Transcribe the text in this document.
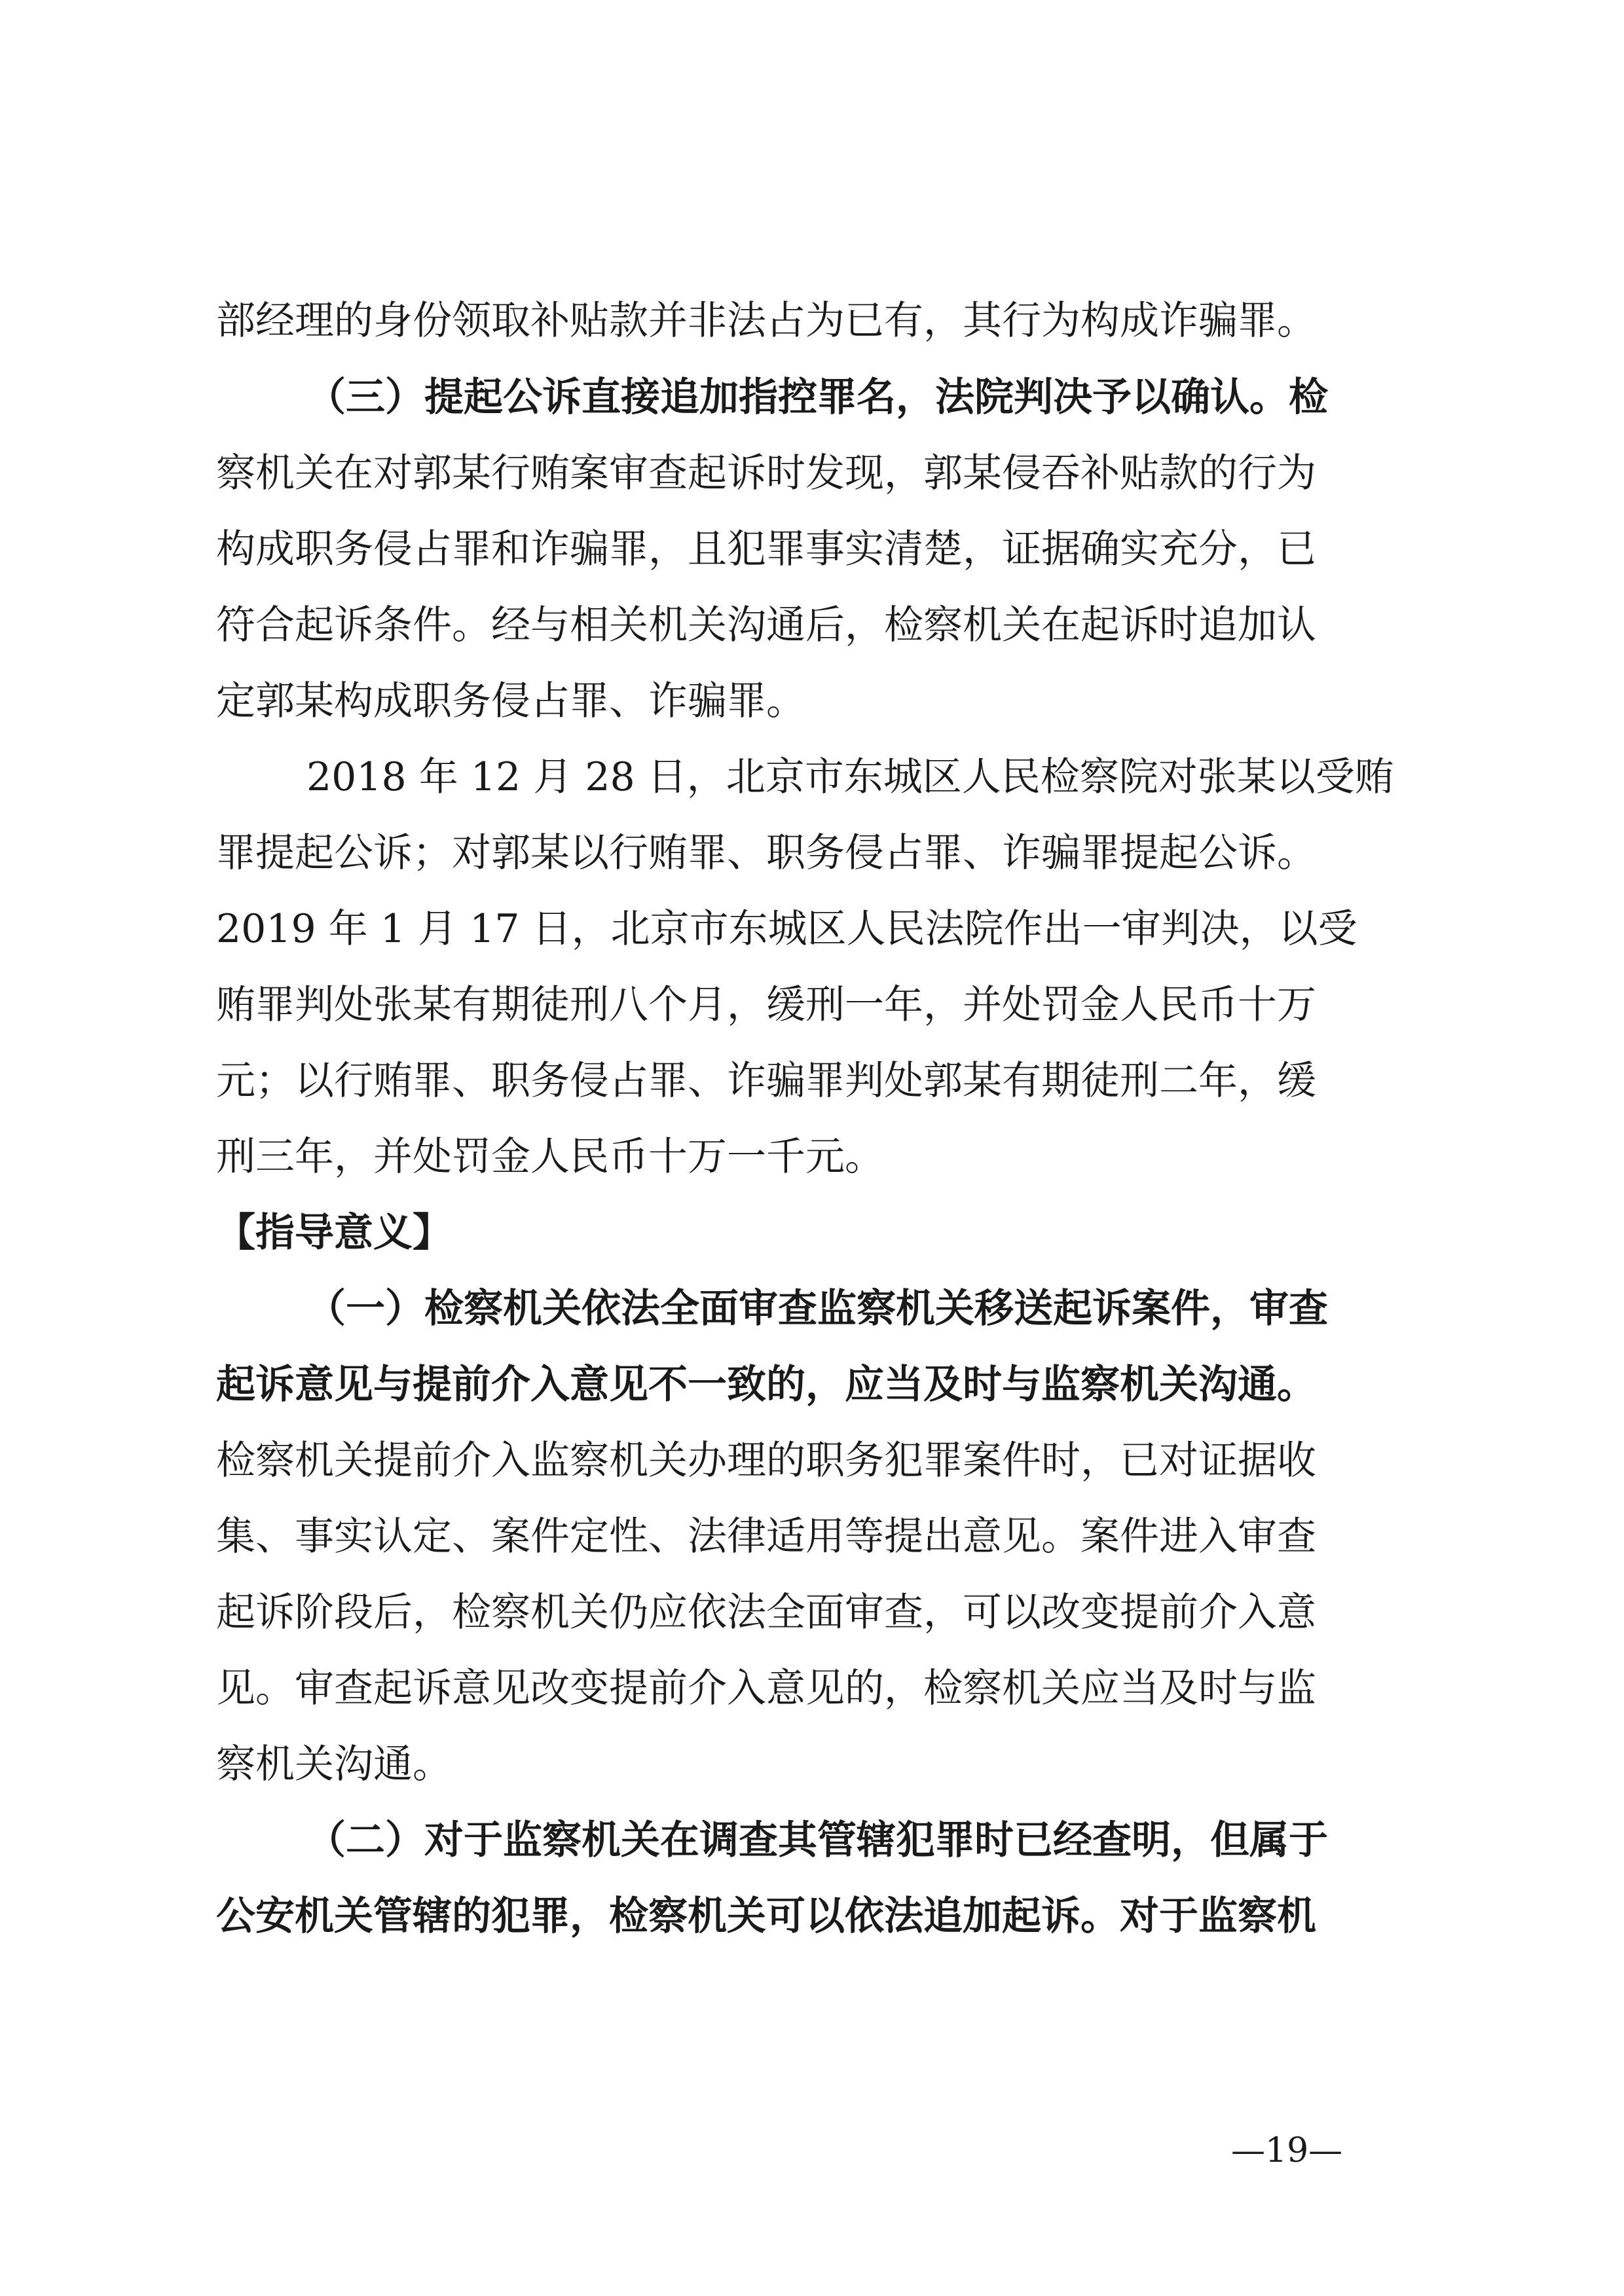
部经理的身份领取补贴款并非法占为已有，其行为构成诈骗罪。
（三）提起公诉直接追加指控罪名，法院判决予以确认。检
察机关在对郭某行贿案审查起诉时发现，郭某侵吞补贴款的行为
构成职务侵占罪和诈骗罪，且犯罪事实清楚，证据确实充分，已
符合起诉条件。经与相关机关沟通后，检察机关在起诉时追加认
定郭某构成职务侵占罪、诈骗罪。
2018 年 12 月 28 日，北京市东城区人民检察院对张某以受贿
罪提起公诉；对郭某以行贿罪、职务侵占罪、诈骗罪提起公诉。
2019 年 1 月 17 日，北京市东城区人民法院作出一审判决，以受
贿罪判处张某有期徒刑八个月，缓刑一年，并处罚金人民币十万
元；以行贿罪、职务侵占罪、诈骗罪判处郭某有期徒刑二年，缓
刑三年，并处罚金人民币十万一千元。
【指导意义】
（一）检察机关依法全面审查监察机关移送起诉案件，审查
起诉意见与提前介入意见不一致的，应当及时与监察机关沟通。
检察机关提前介入监察机关办理的职务犯罪案件时，已对证据收
集、事实认定、案件定性、法律适用等提出意见。案件进入审查
起诉阶段后，检察机关仍应依法全面审查，可以改变提前介入意
见。审查起诉意见改变提前介入意见的，检察机关应当及时与监
察机关沟通。
（二）对于监察机关在调查其管辖犯罪时已经查明，但属于
公安机关管辖的犯罪，检察机关可以依法追加起诉。对于监察机
—19—
